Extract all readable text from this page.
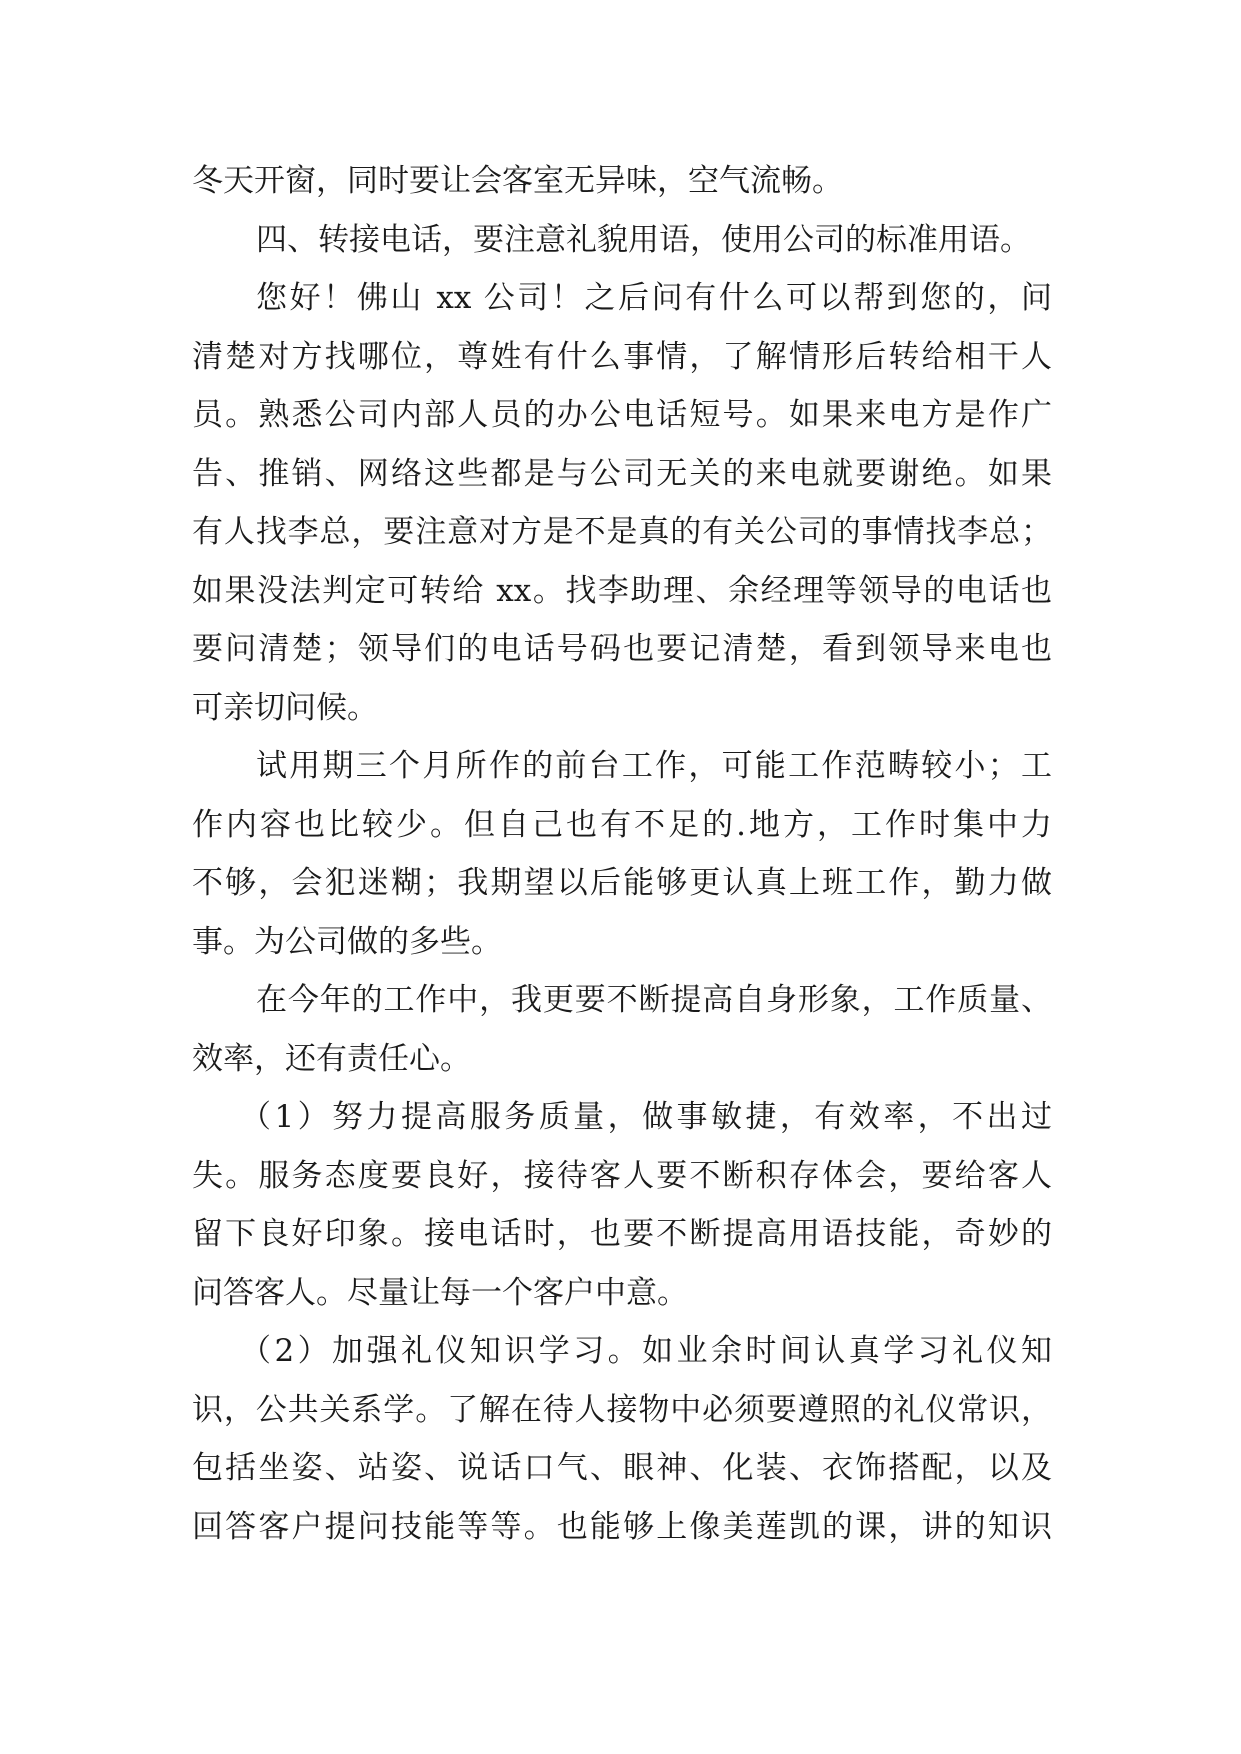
冬天开窗，同时要让会客室无异味，空气流畅。
四、转接电话，要注意礼貌用语，使用公司的标准用语。
您好！佛山 xx 公司！之后问有什么可以帮到您的，问
清楚对方找哪位，尊姓有什么事情，了解情形后转给相干人
员。熟悉公司内部人员的办公电话短号。如果来电方是作广
告、推销、网络这些都是与公司无关的来电就要谢绝。如果
有人找李总，要注意对方是不是真的有关公司的事情找李总；
如果没法判定可转给 xx。找李助理、余经理等领导的电话也
要问清楚；领导们的电话号码也要记清楚，看到领导来电也
可亲切问候。
试用期三个月所作的前台工作，可能工作范畴较小；工
作内容也比较少。但自己也有不足的.地方，工作时集中力
不够，会犯迷糊；我期望以后能够更认真上班工作，勤力做
事。为公司做的多些。
在今年的工作中，我更要不断提高自身形象，工作质量、
效率，还有责任心。
（1）努力提高服务质量，做事敏捷，有效率，不出过
失。服务态度要良好，接待客人要不断积存体会，要给客人
留下良好印象。接电话时，也要不断提高用语技能，奇妙的
问答客人。尽量让每一个客户中意。
（2）加强礼仪知识学习。如业余时间认真学习礼仪知
识，公共关系学。了解在待人接物中必须要遵照的礼仪常识，
包括坐姿、站姿、说话口气、眼神、化装、衣饰搭配，以及
回答客户提问技能等等。也能够上像美莲凯的课，讲的知识
